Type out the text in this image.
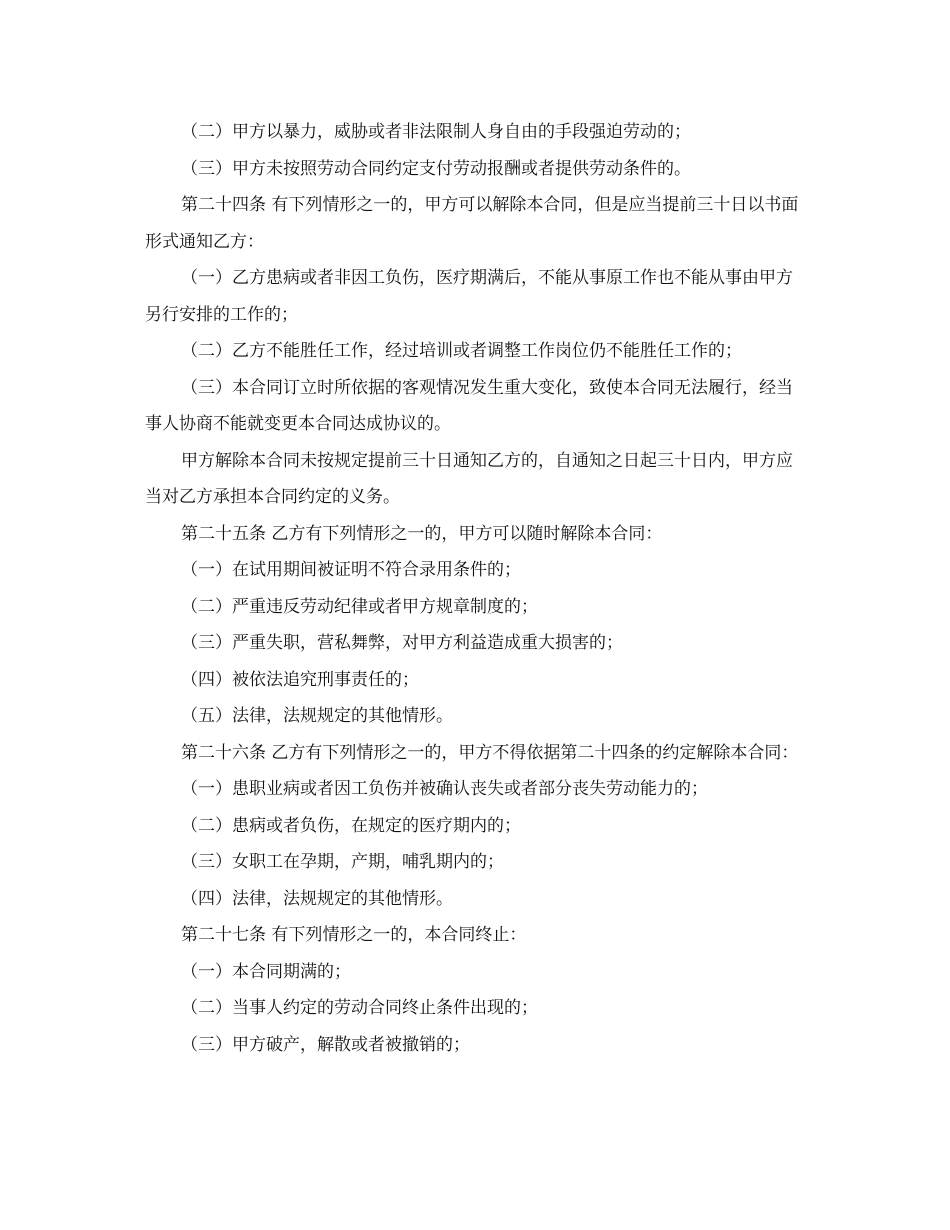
（二）甲方以暴力，威胁或者非法限制人身自由的手段强迫劳动的；

（三）甲方未按照劳动合同约定支付劳动报酬或者提供劳动条件的。

第二十四条 有下列情形之一的，甲方可以解除本合同，但是应当提前三十日以书面形式通知乙方：

（一）乙方患病或者非因工负伤，医疗期满后，不能从事原工作也不能从事由甲方另行安排的工作的；

（二）乙方不能胜任工作，经过培训或者调整工作岗位仍不能胜任工作的；

（三）本合同订立时所依据的客观情况发生重大变化，致使本合同无法履行，经当事人协商不能就变更本合同达成协议的。

甲方解除本合同未按规定提前三十日通知乙方的，自通知之日起三十日内，甲方应当对乙方承担本合同约定的义务。

第二十五条 乙方有下列情形之一的，甲方可以随时解除本合同：

（一）在试用期间被证明不符合录用条件的；

（二）严重违反劳动纪律或者甲方规章制度的；

（三）严重失职，营私舞弊，对甲方利益造成重大损害的；

（四）被依法追究刑事责任的；

（五）法律，法规规定的其他情形。

第二十六条 乙方有下列情形之一的，甲方不得依据第二十四条的约定解除本合同：

（一）患职业病或者因工负伤并被确认丧失或者部分丧失劳动能力的；

（二）患病或者负伤，在规定的医疗期内的；

（三）女职工在孕期，产期，哺乳期内的；

（四）法律，法规规定的其他情形。

第二十七条 有下列情形之一的，本合同终止：

（一）本合同期满的；

（二）当事人约定的劳动合同终止条件出现的；

（三）甲方破产，解散或者被撤销的；
